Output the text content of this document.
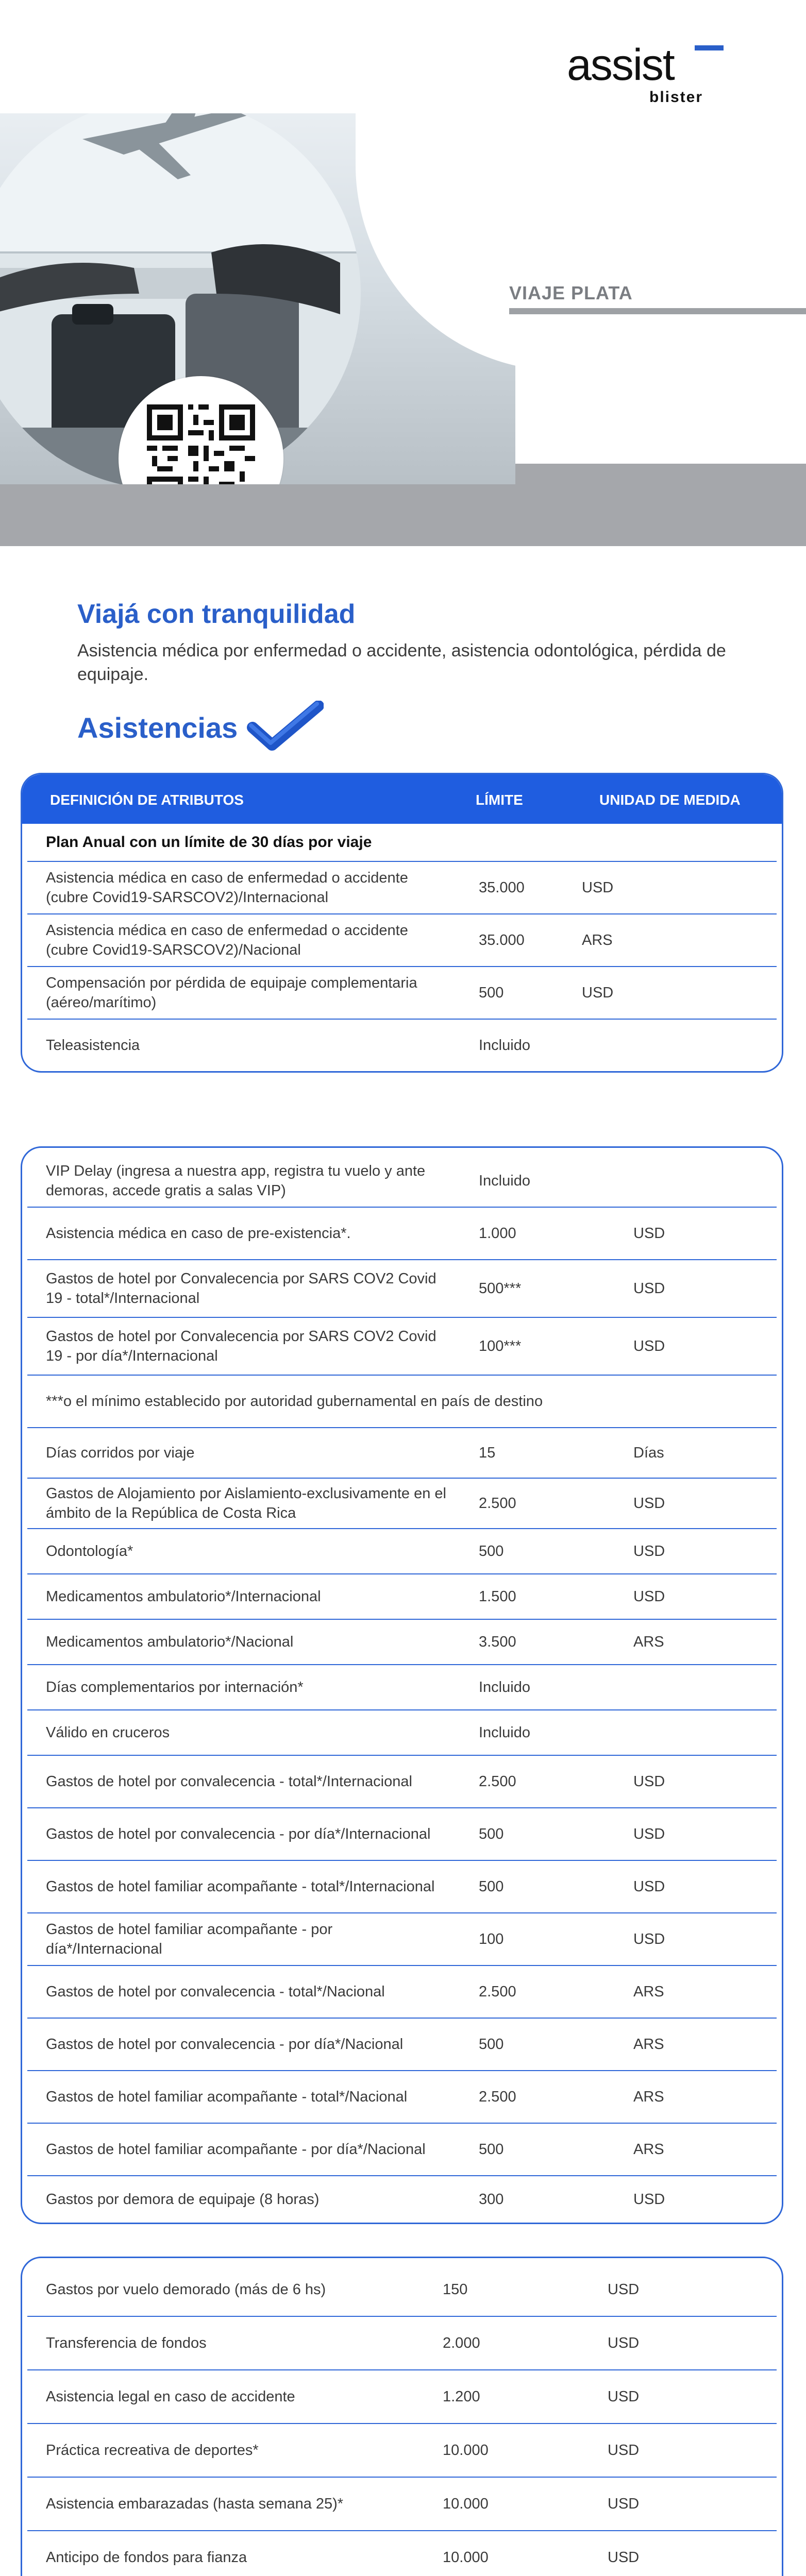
VIAJE PLATA
assist
blister
Viajá con tranquilidad
Asistencia médica por enfermedad o accidente, asistencia odontológica, pérdida de equipaje.
Asistencias
DEFINICIÓN DE ATRIBUTOS	LÍMITE	UNIDAD DE MEDIDA
Plan Anual con un límite de 30 días por viaje
Asistencia médica en caso de enfermedad o accidente (cubre Covid19-SARSCOV2)/Internacional
35.000	USD
Asistencia médica en caso de enfermedad o accidente (cubre Covid19-SARSCOV2)/Nacional
35.000	ARS
Compensación por pérdida de equipaje complementaria (aéreo/marítimo)
500	USD
Teleasistencia	Incluido
VIP Delay (ingresa a nuestra app, registra tu vuelo y ante demoras, accede gratis a salas VIP)
Incluido
Asistencia médica en caso de pre-existencia*.	1.000	USD
Gastos de hotel por Convalecencia por SARS COV2 Covid 19 - total*/Internacional
500***	USD
Gastos de hotel por Convalecencia por SARS COV2 Covid 19 - por día*/Internacional
100***	USD
***o el mínimo establecido por autoridad gubernamental en país de destino
Días corridos por viaje	15	Días
Gastos de Alojamiento por Aislamiento-exclusivamente en el ámbito de la República de Costa Rica
2.500	USD
Odontología*	500	USD
Medicamentos ambulatorio*/Internacional	1.500	USD
Medicamentos ambulatorio*/Nacional	3.500	ARS
Días complementarios por internación*	Incluido
Válido en cruceros	Incluido
Gastos de hotel por convalecencia - total*/Internacional	2.500	USD
Gastos de hotel por convalecencia - por día*/Internacional	500	USD
Gastos de hotel familiar acompañante - total*/Internacional	500	USD
Gastos de hotel familiar acompañante - por día*/Internacional
100	USD
Gastos de hotel por convalecencia - total*/Nacional	2.500	ARS
Gastos de hotel por convalecencia - por día*/Nacional	500	ARS
Gastos de hotel familiar acompañante - total*/Nacional	2.500	ARS
Gastos de hotel familiar acompañante - por día*/Nacional	500	ARS
Gastos por demora de equipaje (8 horas)	300	USD
Gastos por vuelo demorado (más de 6 hs)	150	USD
Transferencia de fondos	2.000	USD
Asistencia legal en caso de accidente	1.200	USD
Práctica recreativa de deportes*	10.000	USD
Asistencia embarazadas (hasta semana 25)*	10.000	USD
Anticipo de fondos para fianza	10.000	USD
